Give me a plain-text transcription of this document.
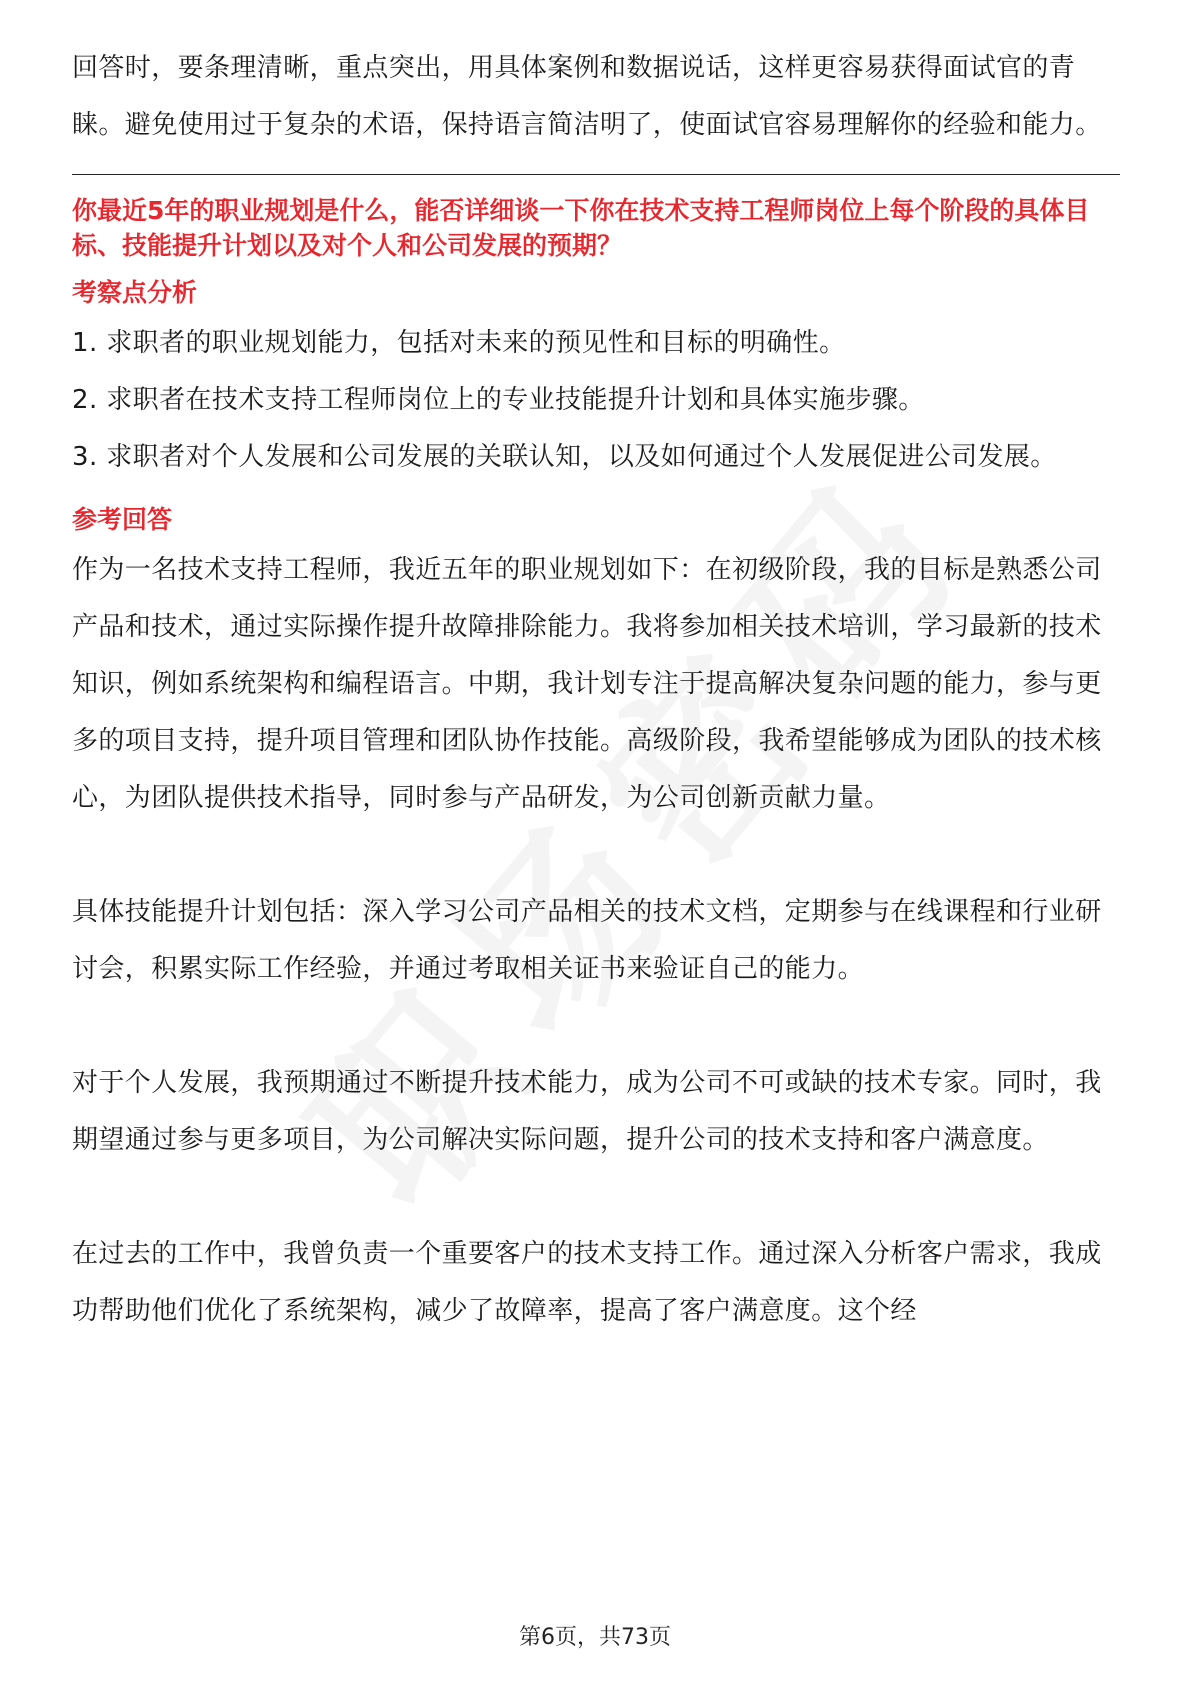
回答时，要条理清晰，重点突出，用具体案例和数据说话，这样更容易获得面试官的青睐。避免使用过于复杂的术语，保持语言简洁明了，使面试官容易理解你的经验和能力。

你最近5年的职业规划是什么，能否详细谈一下你在技术支持工程师岗位上每个阶段的具体目标、技能提升计划以及对个人和公司发展的预期？

考察点分析

1. 求职者的职业规划能力，包括对未来的预见性和目标的明确性。
2. 求职者在技术支持工程师岗位上的专业技能提升计划和具体实施步骤。
3. 求职者对个人发展和公司发展的关联认知，以及如何通过个人发展促进公司发展。

参考回答

作为一名技术支持工程师，我近五年的职业规划如下：在初级阶段，我的目标是熟悉公司产品和技术，通过实际操作提升故障排除能力。我将参加相关技术培训，学习最新的技术知识，例如系统架构和编程语言。中期，我计划专注于提高解决复杂问题的能力，参与更多的项目支持，提升项目管理和团队协作技能。高级阶段，我希望能够成为团队的技术核心，为团队提供技术指导，同时参与产品研发，为公司创新贡献力量。

具体技能提升计划包括：深入学习公司产品相关的技术文档，定期参与在线课程和行业研讨会，积累实际工作经验，并通过考取相关证书来验证自己的能力。

对于个人发展，我预期通过不断提升技术能力，成为公司不可或缺的技术专家。同时，我期望通过参与更多项目，为公司解决实际问题，提升公司的技术支持和客户满意度。

在过去的工作中，我曾负责一个重要客户的技术支持工作。通过深入分析客户需求，我成功帮助他们优化了系统架构，减少了故障率，提高了客户满意度。这个经

第6页，共73页
